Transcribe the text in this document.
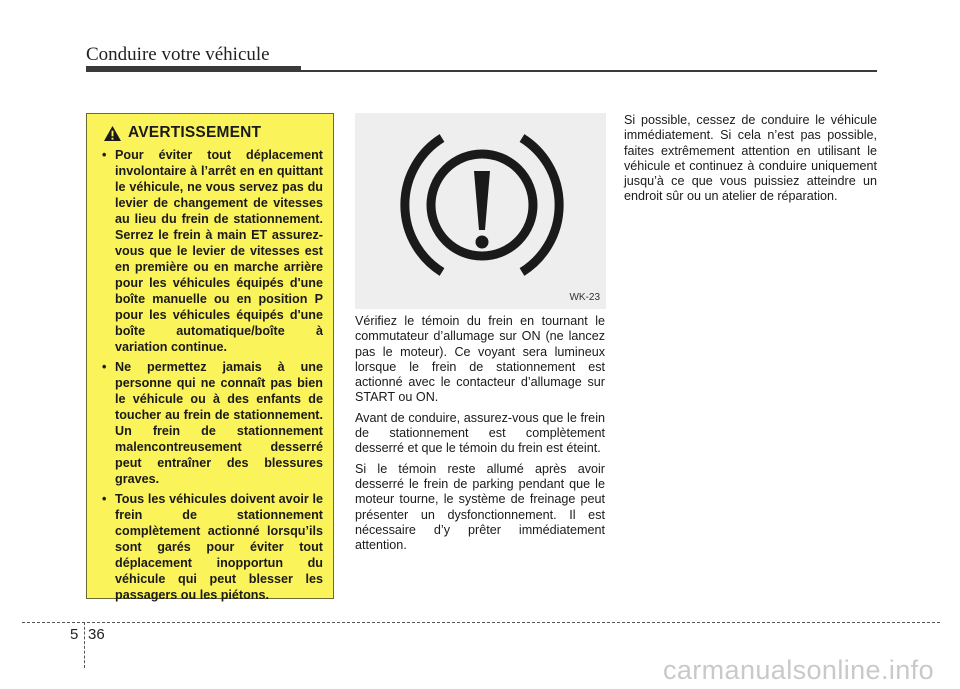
Conduire votre véhicule
AVERTISSEMENT
• Pour éviter tout déplacement involontaire à l’arrêt en en quittant le véhicule, ne vous servez pas du levier de changement de vitesses au lieu du frein de stationnement. Serrez le frein à main ET assurez-vous que le levier de vitesses est en première ou en marche arrière pour les véhicules équipés d'une boîte manuelle ou en position P pour les véhicules équipés d'une boîte automatique/boîte à variation continue.
• Ne permettez jamais à une personne qui ne connaît pas bien le véhicule ou à des enfants de toucher au frein de stationnement. Un frein de stationnement malencontreusement desserré peut entraîner des blessures graves.
• Tous les véhicules doivent avoir le frein de stationnement complètement actionné lorsqu’ils sont garés pour éviter tout déplacement inopportun du véhicule qui peut blesser les passagers ou les piétons.
WK-23

Vérifiez le témoin du frein en tournant le commutateur d’allumage sur ON (ne lancez pas le moteur). Ce voyant sera lumineux lorsque le frein de stationnement est actionné avec le contacteur d’allumage sur START ou ON.

Avant de conduire, assurez-vous que le frein de stationnement est complètement desserré et que le témoin du frein est éteint.

Si le témoin reste allumé après avoir desserré le frein de parking pendant que le moteur tourne, le système de freinage peut présenter un dysfonctionnement. Il est nécessaire d’y prêter immédiatement attention.

Si possible, cessez de conduire le véhicule immédiatement. Si cela n’est pas possible, faites extrêmement attention en utilisant le véhicule et continuez à conduire uniquement jusqu’à ce que vous puissiez atteindre un endroit sûr ou un atelier de réparation.

5 36
carmanualsonline.info
